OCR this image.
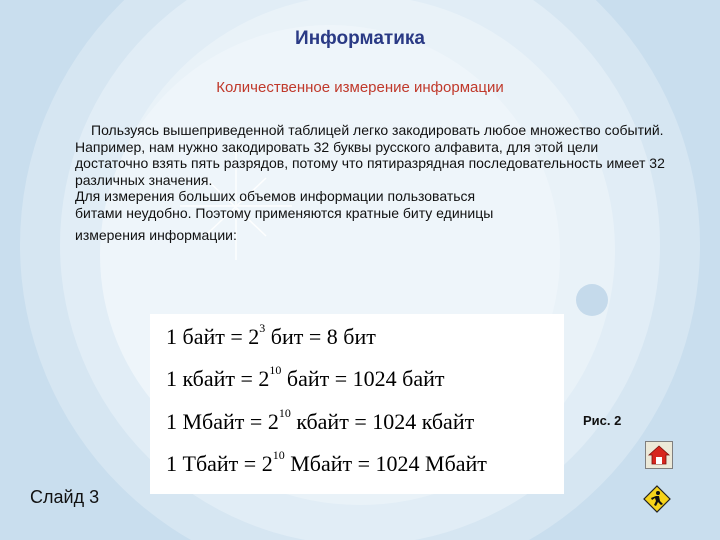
Информатика
Количественное измерение информации

Пользуясь вышеприведенной таблицей легко закодировать любое множество событий. Например, нам нужно закодировать 32 буквы русского алфавита, для этой цели достаточно взять пять разрядов, потому что пятиразрядная последовательность имеет 32 различных значения.

Для измерения больших объемов информации пользоваться
битами неудобно. Поэтому применяются кратные биту единицы
измерения информации:

1 байт = $2^3$ бит = 8 бит
1 кбайт = $2^{10}$ байт = 1024 байт
1 Мбайт = $2^{10}$ кбайт = 1024 кбайт
1 Тбайт = $2^{10}$ Мбайт = 1024 Мбайт
Рис. 2
Слайд 3
